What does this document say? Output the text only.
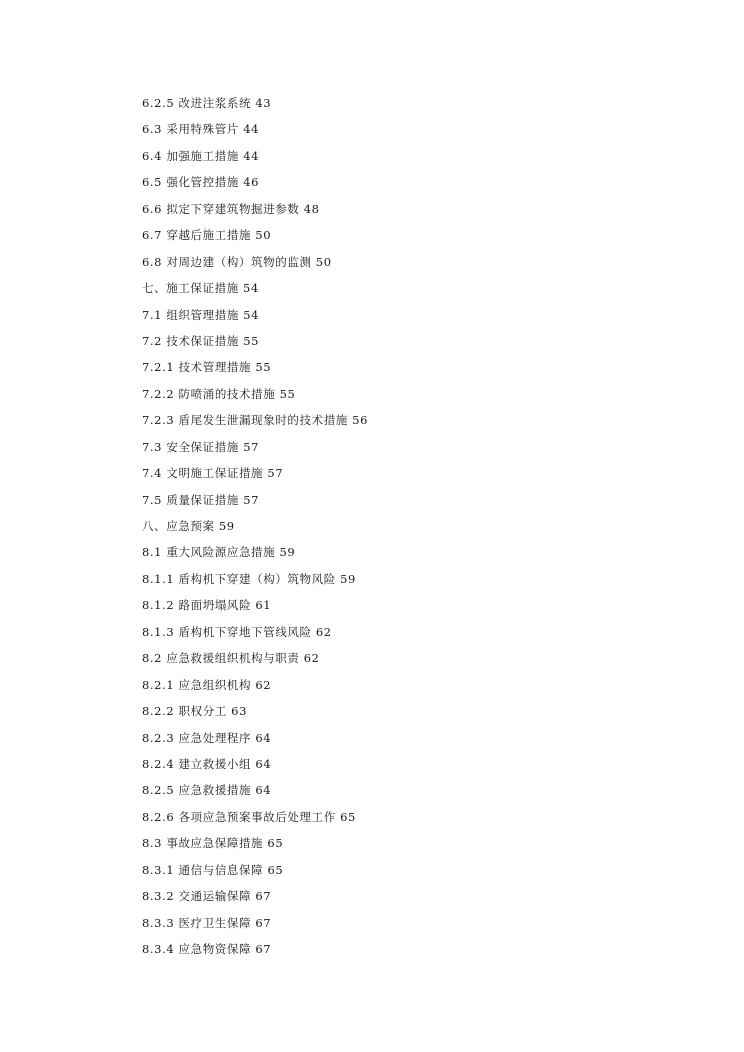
6.2.5 改进注浆系统 43
6.3 采用特殊管片 44
6.4 加强施工措施 44
6.5 强化管控措施 46
6.6 拟定下穿建筑物掘进参数 48
6.7 穿越后施工措施 50
6.8 对周边建（构）筑物的监测 50
七、施工保证措施 54
7.1 组织管理措施 54
7.2 技术保证措施 55
7.2.1 技术管理措施 55
7.2.2 防喷涌的技术措施 55
7.2.3 盾尾发生泄漏现象时的技术措施 56
7.3 安全保证措施 57
7.4 文明施工保证措施 57
7.5 质量保证措施 57
八、应急预案 59
8.1 重大风险源应急措施 59
8.1.1 盾构机下穿建（构）筑物风险 59
8.1.2 路面坍塌风险 61
8.1.3 盾构机下穿地下管线风险 62
8.2 应急救援组织机构与职责 62
8.2.1 应急组织机构 62
8.2.2 职权分工 63
8.2.3 应急处理程序 64
8.2.4 建立救援小组 64
8.2.5 应急救援措施 64
8.2.6 各项应急预案事故后处理工作 65
8.3 事故应急保障措施 65
8.3.1 通信与信息保障 65
8.3.2 交通运输保障 67
8.3.3 医疗卫生保障 67
8.3.4 应急物资保障 67
